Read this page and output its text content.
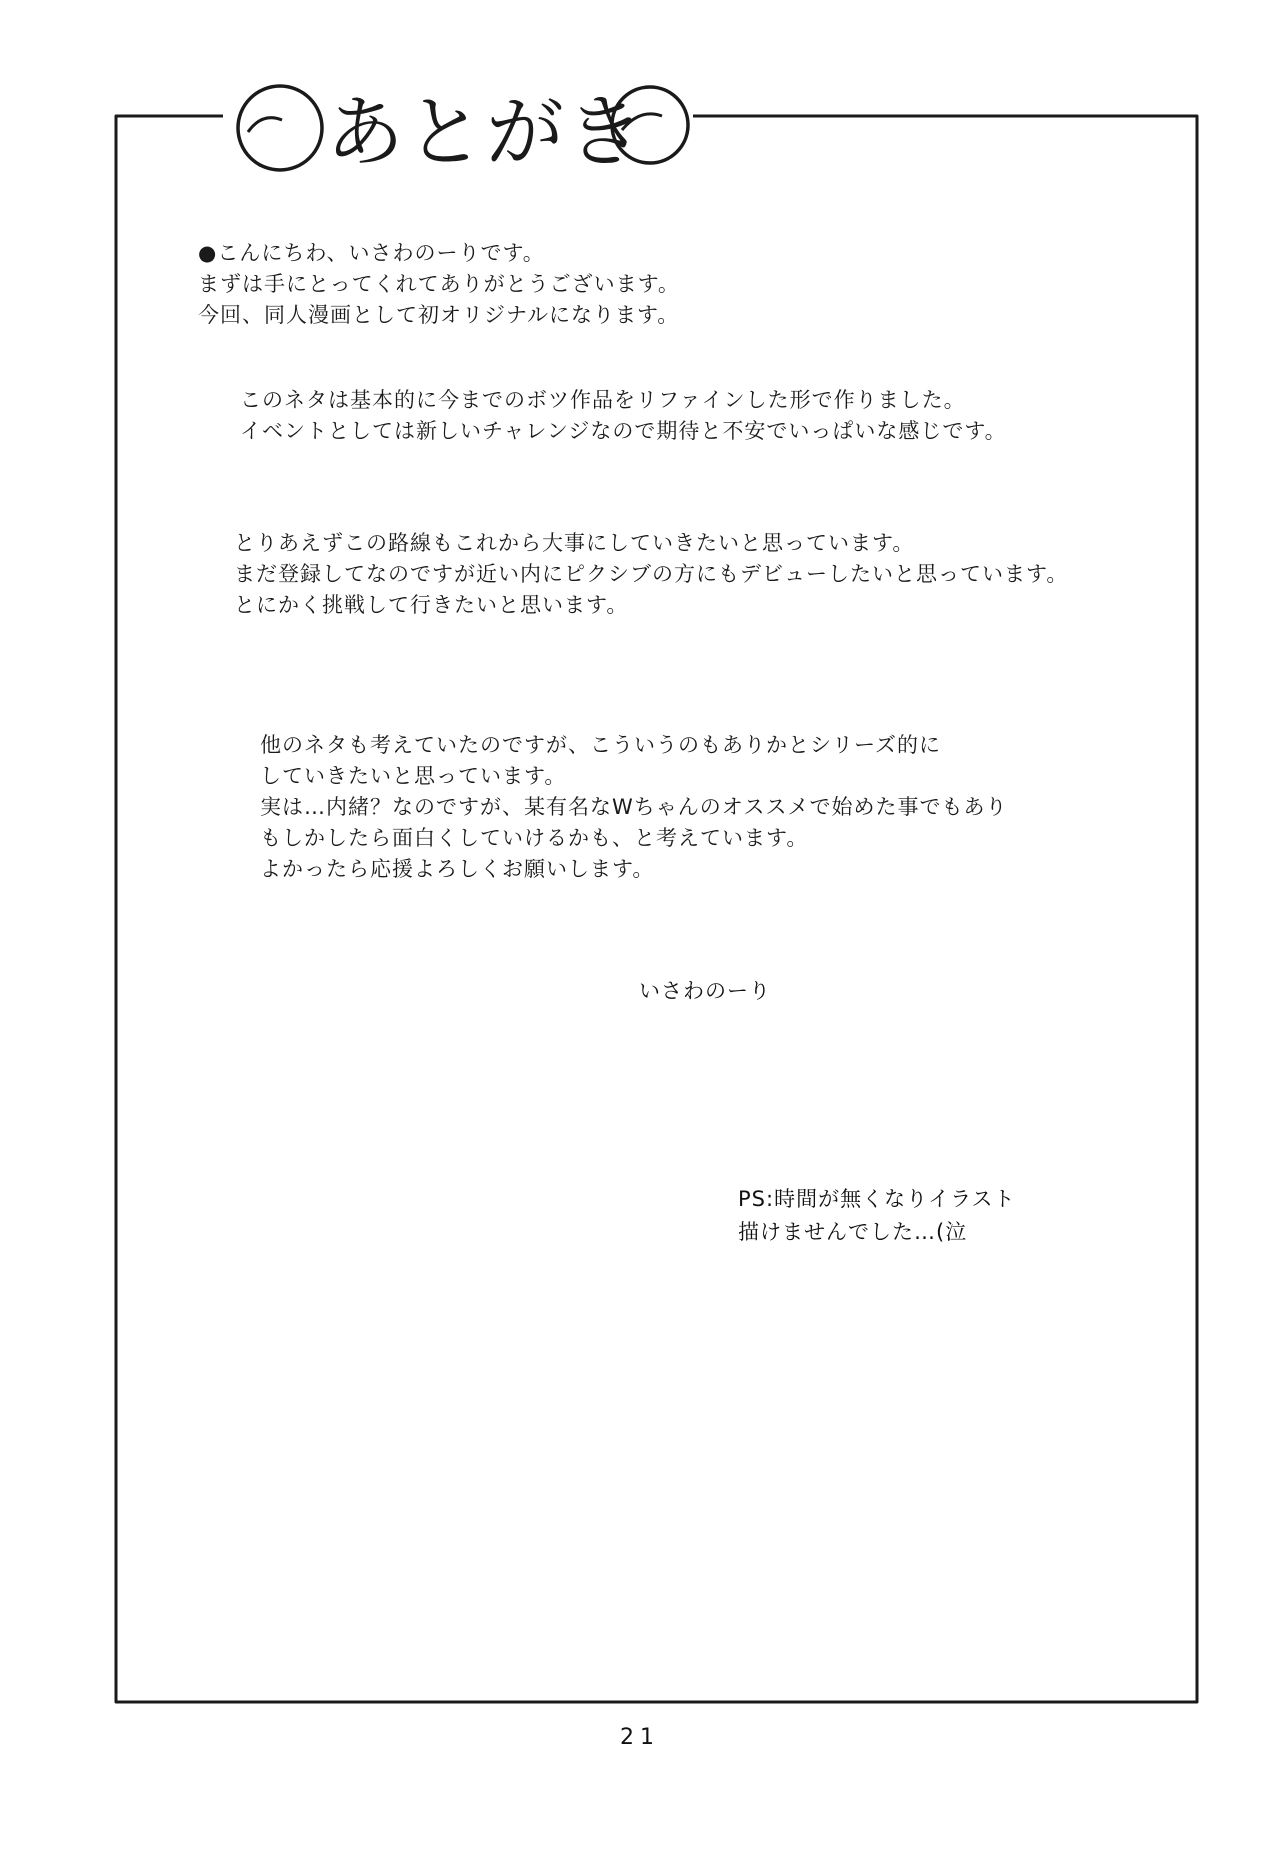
あとがき
●こんにちわ、いさわのーりです。
まずは手にとってくれてありがとうございます。
今回、同人漫画として初オリジナルになります。
このネタは基本的に今までのボツ作品をリファインした形で作りました。
イベントとしては新しいチャレンジなので期待と不安でいっぱいな感じです。
とりあえずこの路線もこれから大事にしていきたいと思っています。
まだ登録してなのですが近い内にピクシブの方にもデビューしたいと思っています。
とにかく挑戦して行きたいと思います。
他のネタも考えていたのですが、こういうのもありかとシリーズ的に
していきたいと思っています。
実は…内緒？なのですが、某有名なWちゃんのオススメで始めた事でもあり
もしかしたら面白くしていけるかも、と考えています。
よかったら応援よろしくお願いします。
いさわのーり
PS:時間が無くなりイラスト
描けませんでした…(泣
21
